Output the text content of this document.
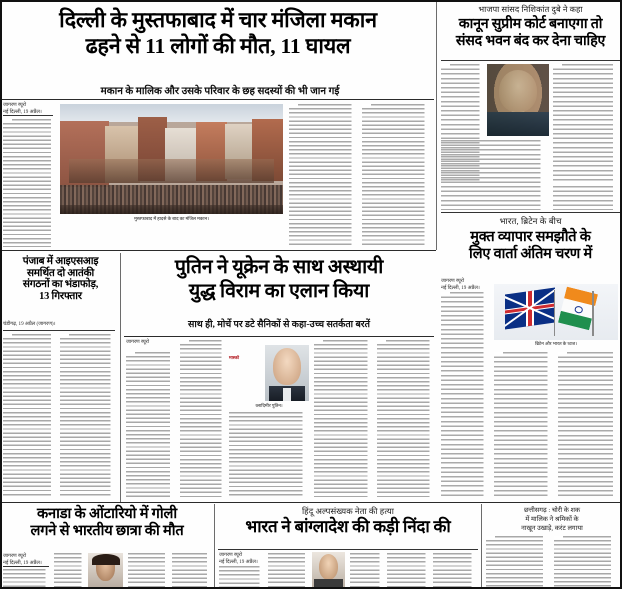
दिल्ली के मुस्तफाबाद में चार मंजिला मकान
ढहने से 11 लोगों की मौत, 11 घायल
मकान के मालिक और उसके परिवार के छह सदस्यों की भी जान गई
जागरण ब्यूरो
नई दिल्ली, 19 अप्रैल।
मुस्तफाबाद में हादसे के बाद का मंजिल मकान।
भाजपा सांसद निशिकांत दुबे ने कहा
कानून सुप्रीम कोर्ट बनाएगा तो
संसद भवन बंद कर देना चाहिए
भारत, ब्रिटेन के बीच
मुक्त व्यापार समझौते के
लिए वार्ता अंतिम चरण में
जागरण ब्यूरो
नई दिल्ली, 19 अप्रैल।
ब्रिटेन और भारत के ध्वज।
पंजाब में आइएसआइ
समर्थित दो आतंकी
संगठनों का भंडाफोड़,
13 गिरफ्तार
चंडीगढ़, 19 अप्रैल (जागरण)।
पुतिन ने यूक्रेन के साथ अस्थायी
युद्ध विराम का एलान किया
साथ ही, मोर्चे पर डटे सैनिकों से कहा-उच्च सतर्कता बरतें
जागरण ब्यूरो
मास्को
व्लादिमीर पुतिन।
कनाडा के ओंटारियो में गोली
लगने से भारतीय छात्रा की मौत
जागरण ब्यूरो
नई दिल्ली, 19 अप्रैल।
हिंदू अल्पसंख्यक नेता की हत्या
भारत ने बांग्लादेश की कड़ी निंदा की
जागरण ब्यूरो
नई दिल्ली, 19 अप्रैल।
छत्तीसगढ़ : चोरी के शक
में मालिक ने श्रमिकों के
नाखून उखाड़े, करंट लगाया
